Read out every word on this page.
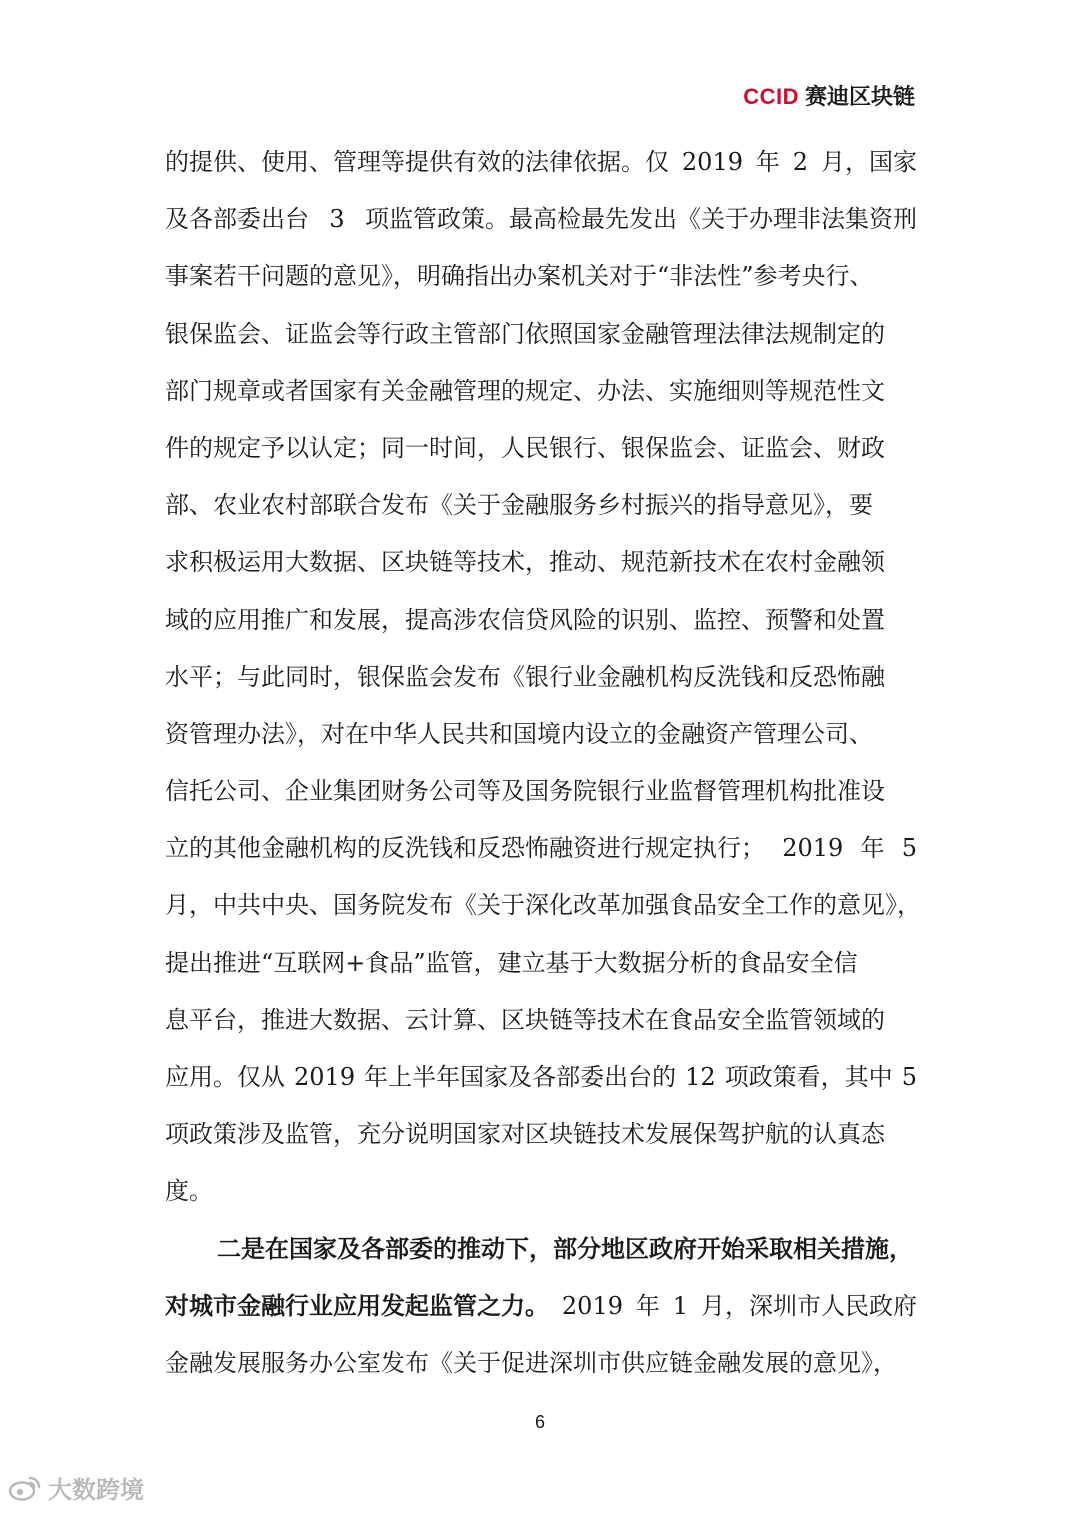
CCID 赛迪区块链
的提供、使用、管理等提供有效的法律依据。仅 2019 年 2 月，国家
及各部委出台 3 项监管政策。最高检最先发出《关于办理非法集资刑
事案若干问题的意见》，明确指出办案机关对于“非法性”参考央行、
银保监会、证监会等行政主管部门依照国家金融管理法律法规制定的
部门规章或者国家有关金融管理的规定、办法、实施细则等规范性文
件的规定予以认定；同一时间，人民银行、银保监会、证监会、财政
部、农业农村部联合发布《关于金融服务乡村振兴的指导意见》，要
求积极运用大数据、区块链等技术，推动、规范新技术在农村金融领
域的应用推广和发展，提高涉农信贷风险的识别、监控、预警和处置
水平；与此同时，银保监会发布《银行业金融机构反洗钱和反恐怖融
资管理办法》，对在中华人民共和国境内设立的金融资产管理公司、
信托公司、企业集团财务公司等及国务院银行业监督管理机构批准设
立的其他金融机构的反洗钱和反恐怖融资进行规定执行； 2019 年 5
月，中共中央、国务院发布《关于深化改革加强食品安全工作的意见》，
提出推进“互联网+食品”监管，建立基于大数据分析的食品安全信
息平台，推进大数据、云计算、区块链等技术在食品安全监管领域的
应用。仅从 2019 年上半年国家及各部委出台的 12 项政策看，其中 5
项政策涉及监管，充分说明国家对区块链技术发展保驾护航的认真态
度。
二是在国家及各部委的推动下，部分地区政府开始采取相关措施，
对城市金融行业应用发起监管之力。 2019 年 1 月，深圳市人民政府
金融发展服务办公室发布《关于促进深圳市供应链金融发展的意见》，
6
大数跨境
